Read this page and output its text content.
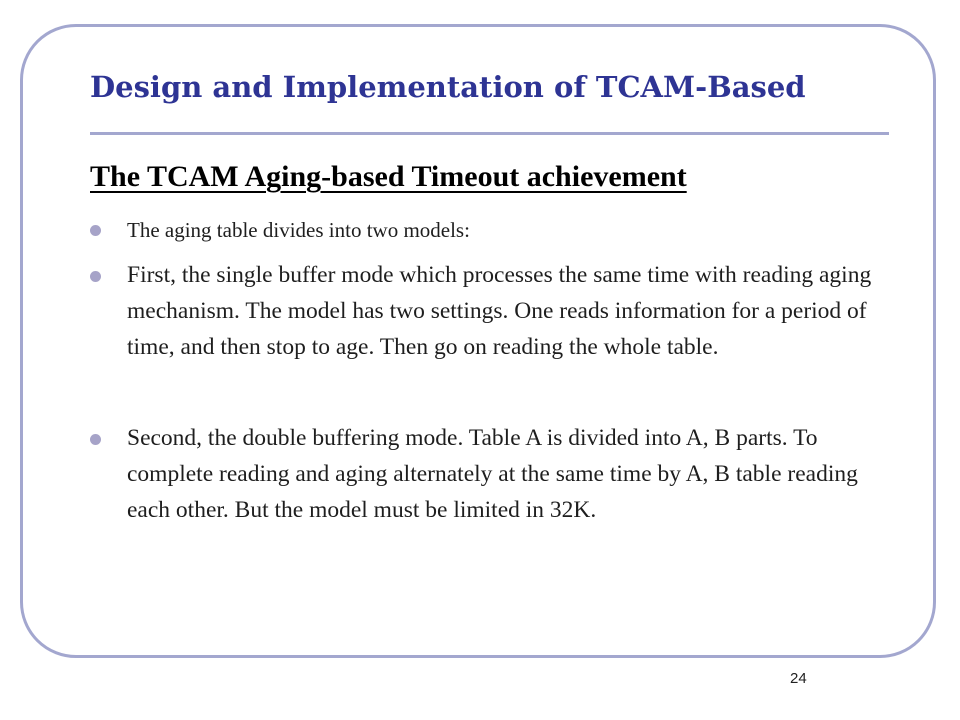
Design and Implementation of TCAM-Based
The TCAM Aging-based Timeout achievement

The aging table divides into two models:

First, the single buffer mode which processes the same time with reading aging mechanism. The model has two settings. One reads information for a period of time, and then stop to age. Then go on reading the whole table.

Second, the double buffering mode. Table A is divided into A, B parts. To complete reading and aging alternately at the same time by A, B table reading each other. But the model must be limited in 32K.

24
